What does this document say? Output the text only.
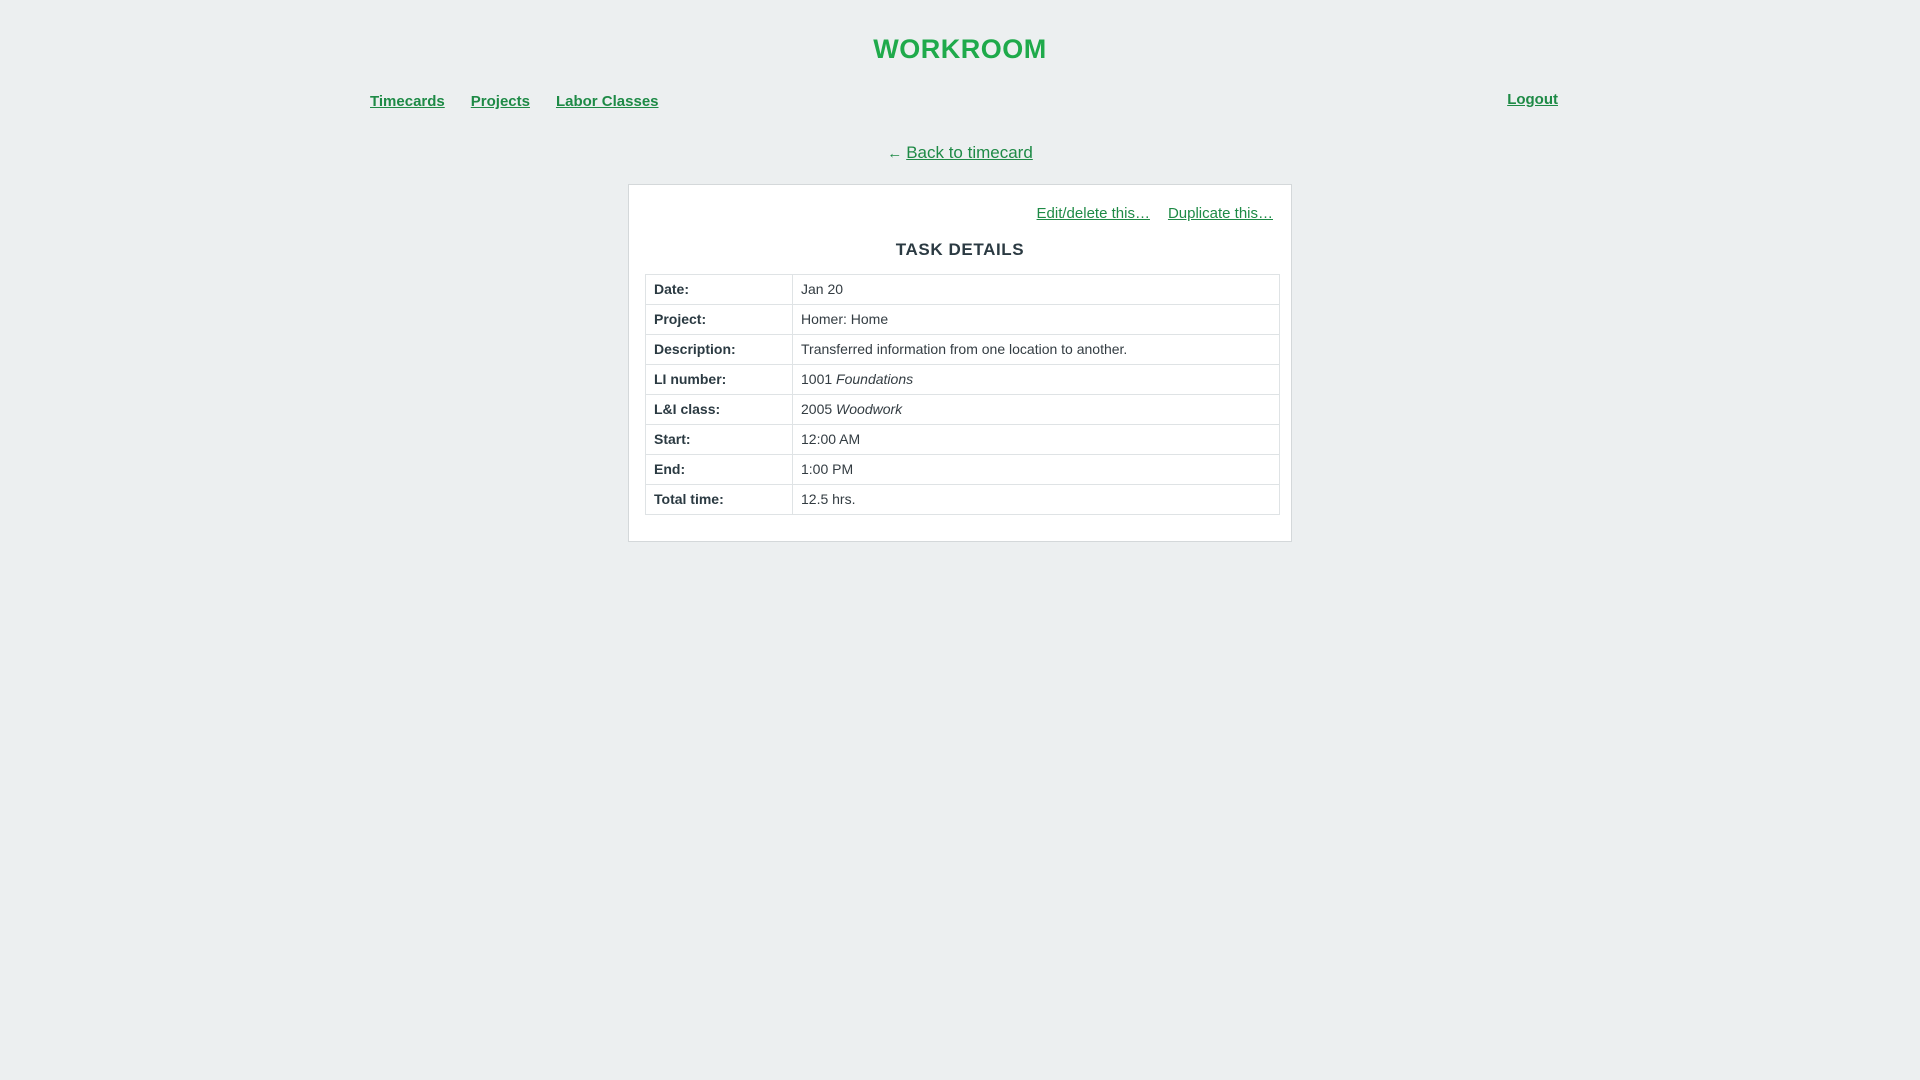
WORKROOM
Timecards Projects Labor Classes	Logout
← Back to timecard
Edit/delete this… Duplicate this…
TASK DETAILS
Date:	Jan 20
Project:	Homer: Home
Description:	Transferred information from one location to another.
LI number:	1001 Foundations
L&I class:	2005 Woodwork
Start:	12:00 AM
End:	1:00 PM
Total time:	12.5 hrs.
